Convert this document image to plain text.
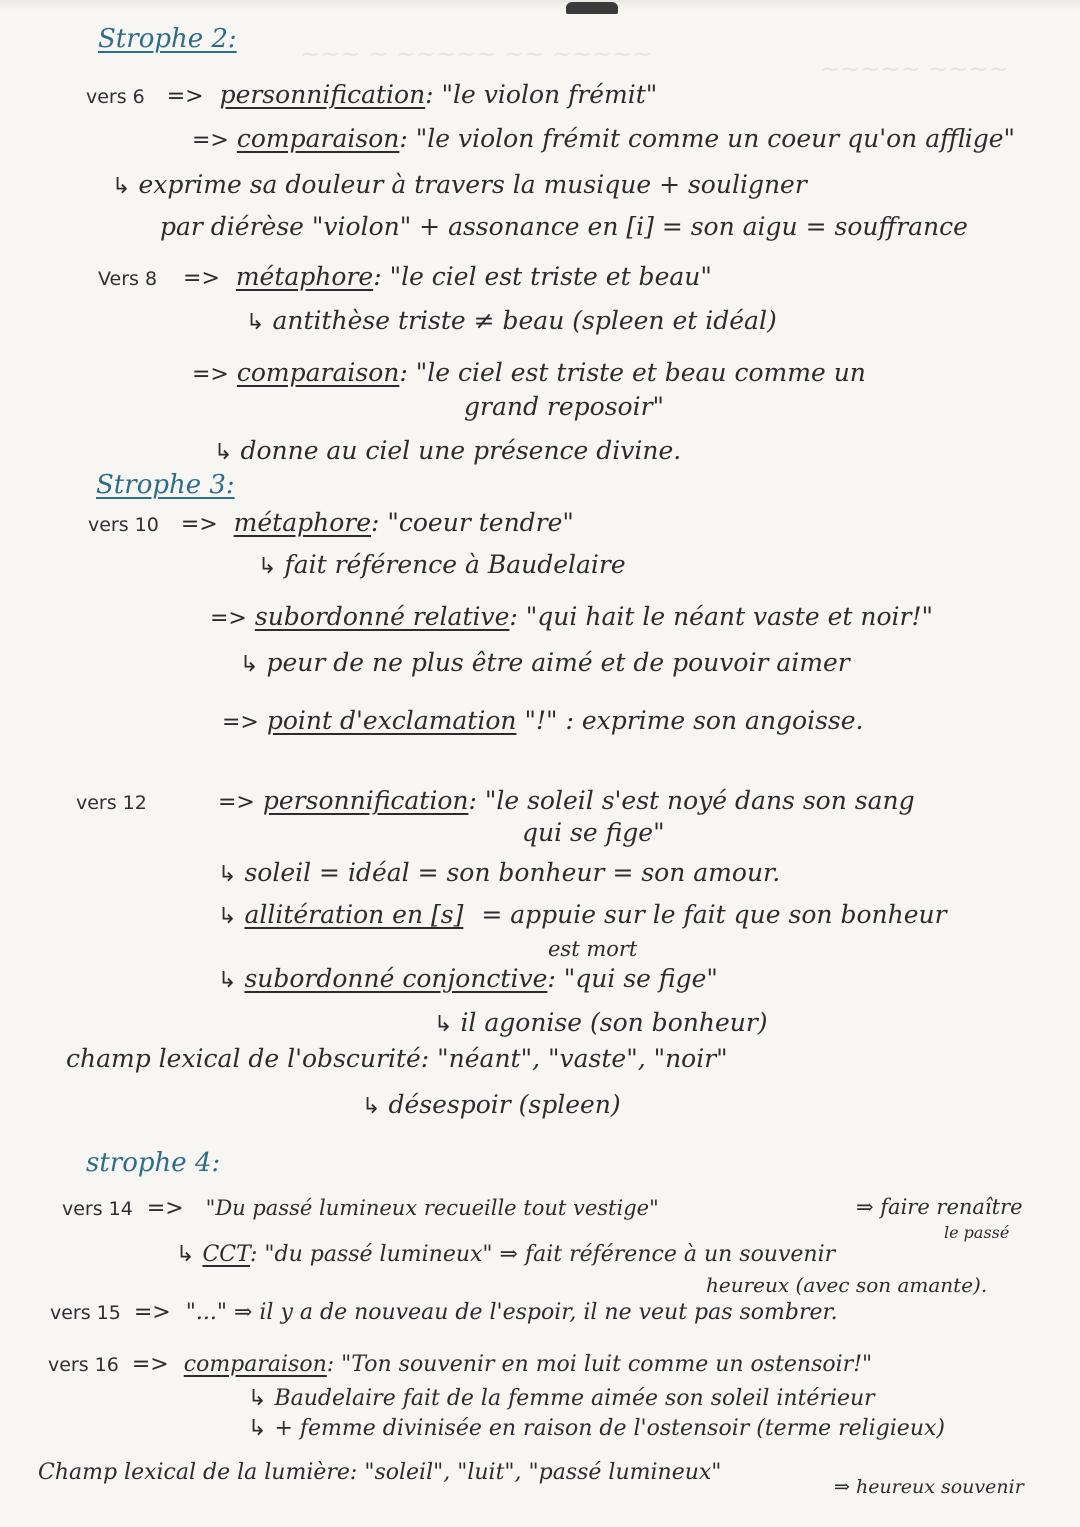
~~~ ~ ~~~~~ ~~ ~~~~~
~~~~~ ~~~~
Strophe 2:
vers 6 => personnification: "le violon frémit"
=> comparaison: "le violon frémit comme un coeur qu'on afflige"
↳ exprime sa douleur à travers la musique + souligner
par diérèse "violon" + assonance en [i] = son aigu = souffrance
Vers 8 => métaphore: "le ciel est triste et beau"
↳ antithèse triste ≠ beau (spleen et idéal)
=> comparaison: "le ciel est triste et beau comme un
grand reposoir"
↳ donne au ciel une présence divine.
Strophe 3:
vers 10 => métaphore: "coeur tendre"
↳ fait référence à Baudelaire
=> subordonné relative: "qui hait le néant vaste et noir!"
↳ peur de ne plus être aimé et de pouvoir aimer
=> point d'exclamation "!" : exprime son angoisse.
vers 12	=> personnification: "le soleil s'est noyé dans son sang
qui se fige"
↳ soleil = idéal = son bonheur = son amour.
↳ allitération en [s] = appuie sur le fait que son bonheur
est mort
↳ subordonné conjonctive: "qui se fige"
↳ il agonise (son bonheur)
champ lexical de l'obscurité: "néant", "vaste", "noir"
↳ désespoir (spleen)
strophe 4:
vers 14 => "Du passé lumineux recueille tout vestige"	⇒ faire renaître
le passé
↳ CCT: "du passé lumineux" ⇒ fait référence à un souvenir
heureux (avec son amante).
vers 15 => "..." ⇒ il y a de nouveau de l'espoir, il ne veut pas sombrer.
vers 16 => comparaison: "Ton souvenir en moi luit comme un ostensoir!"
↳ Baudelaire fait de la femme aimée son soleil intérieur
↳ + femme divinisée en raison de l'ostensoir (terme religieux)
Champ lexical de la lumière: "soleil", "luit", "passé lumineux"
⇒ heureux souvenir
